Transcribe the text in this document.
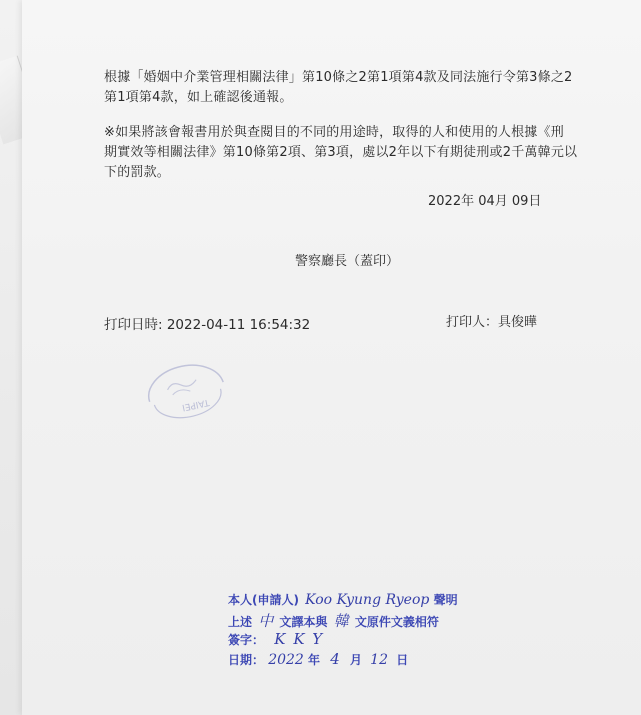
根據「婚姻中介業管理相關法律」第10條之2第1項第4款及同法施行令第3條之2
第1項第4款，如上確認後通報。
※如果將該會報書用於與查閱目的不同的用途時，取得的人和使用的人根據《刑
期實效等相關法律》第10條第2項、第3項，處以2年以下有期徒刑或2千萬韓元以
下的罰款。
2022年 04月 09日
警察廳長（蓋印）
打印日時: 2022-04-11 16:54:32	打印人：具俊曄
TAIPEI
本人(申請人) Koo Kyung Ryeop 聲明
上述 中 文譯本與 韓 文原件文義相符
簽字： KKY
日期： 2022 年 4 月 12 日
